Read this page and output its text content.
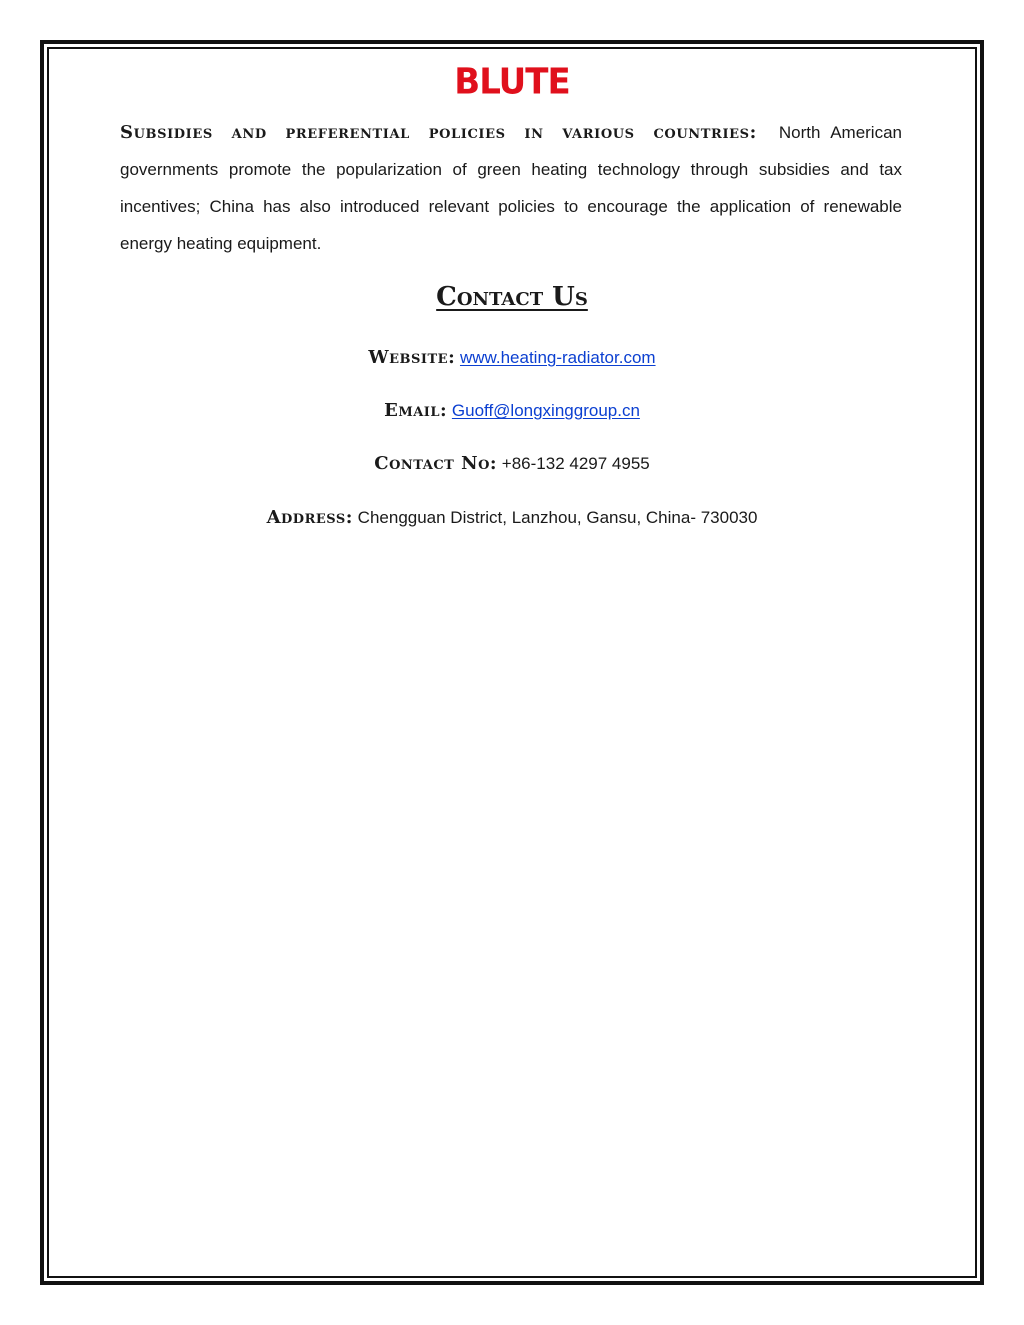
BLUTE

Subsidies and preferential policies in various countries: North American governments promote the popularization of green heating technology through subsidies and tax incentives; China has also introduced relevant policies to encourage the application of renewable energy heating equipment.

Contact Us
Website: www.heating-radiator.com
Email: Guoff@longxinggroup.cn
Contact No: +86-132 4297 4955
Address: Chengguan District, Lanzhou, Gansu, China- 730030
